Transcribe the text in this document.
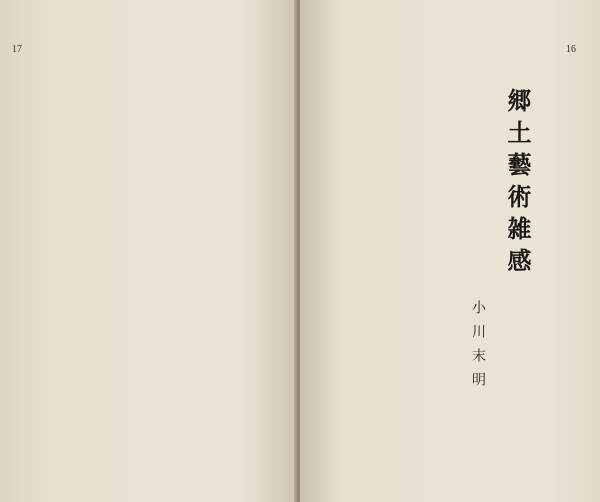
17	16
郷土藝術雑感
小川末明
